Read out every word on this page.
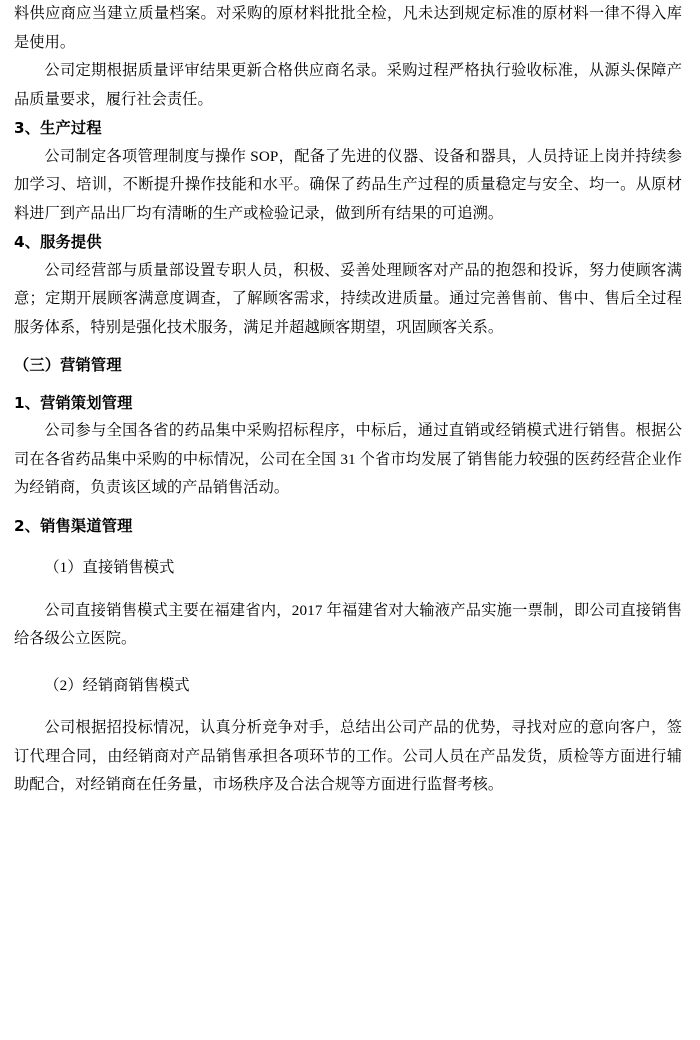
料供应商应当建立质量档案。对采购的原材料批批全检，凡未达到规定标准的原材料一律不得入库是使用。

公司定期根据质量评审结果更新合格供应商名录。采购过程严格执行验收标准，从源头保障产品质量要求，履行社会责任。

3、生产过程

公司制定各项管理制度与操作 SOP，配备了先进的仪器、设备和器具，人员持证上岗并持续参加学习、培训，不断提升操作技能和水平。确保了药品生产过程的质量稳定与安全、均一。从原材料进厂到产品出厂均有清晰的生产或检验记录，做到所有结果的可追溯。

4、服务提供

公司经营部与质量部设置专职人员，积极、妥善处理顾客对产品的抱怨和投诉，努力使顾客满意；定期开展顾客满意度调查，了解顾客需求，持续改进质量。通过完善售前、售中、售后全过程服务体系，特别是强化技术服务，满足并超越顾客期望，巩固顾客关系。

（三）营销管理
1、营销策划管理

公司参与全国各省的药品集中采购招标程序，中标后，通过直销或经销模式进行销售。根据公司在各省药品集中采购的中标情况，公司在全国 31 个省市均发展了销售能力较强的医药经营企业作为经销商，负责该区域的产品销售活动。

2、销售渠道管理

（1）直接销售模式

公司直接销售模式主要在福建省内，2017 年福建省对大输液产品实施一票制，即公司直接销售给各级公立医院。

（2）经销商销售模式

公司根据招投标情况，认真分析竞争对手，总结出公司产品的优势，寻找对应的意向客户，签订代理合同，由经销商对产品销售承担各项环节的工作。公司人员在产品发货，质检等方面进行辅助配合，对经销商在任务量，市场秩序及合法合规等方面进行监督考核。
